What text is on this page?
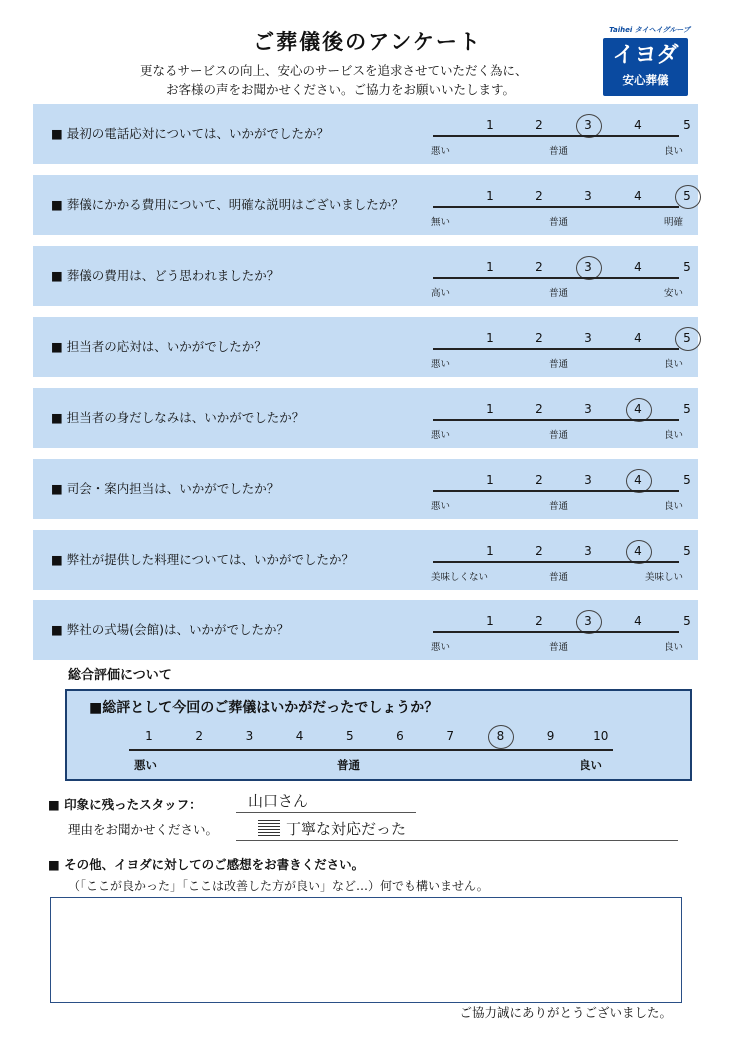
ご葬儀後のアンケート
更なるサービスの向上、安心のサービスを追求させていただく為に、
お客様の声をお聞かせください。ご協力をお願いいたします。
Taihei タイヘイグループ
イヨダ
安心葬儀
■ 最初の電話応対については、いかがでしたか？
1	2	3	4	5
悪い	普通	良い
■ 葬儀にかかる費用について、明確な説明はございましたか？
1	2	3	4	5
無い	普通	明確
■ 葬儀の費用は、どう思われましたか？
1	2	3	4	5
高い	普通	安い
■ 担当者の応対は、いかがでしたか？
1	2	3	4	5
悪い	普通	良い
■ 担当者の身だしなみは、いかがでしたか？
1	2	3	4	5
悪い	普通	良い
■ 司会・案内担当は、いかがでしたか？
1	2	3	4	5
悪い	普通	良い
■ 弊社が提供した料理については、いかがでしたか？
1	2	3	4	5
美味しくない	普通	美味しい
■ 弊社の式場(会館)は、いかがでしたか？
1	2	3	4	5
悪い	普通	良い
総合評価について
■ 総評として今回のご葬儀はいかがだったでしょうか？
悪い	普通	良い
1	2	3	4	5	6	7	8	9	10
■ 印象に残ったスタッフ：	山口さん
理由をお聞かせください。	丁寧な対応だった
■ その他、イヨダに対してのご感想をお書きください。
（「ここが良かった」「ここは改善した方が良い」など…）何でも構いません。
ご協力誠にありがとうございました。
